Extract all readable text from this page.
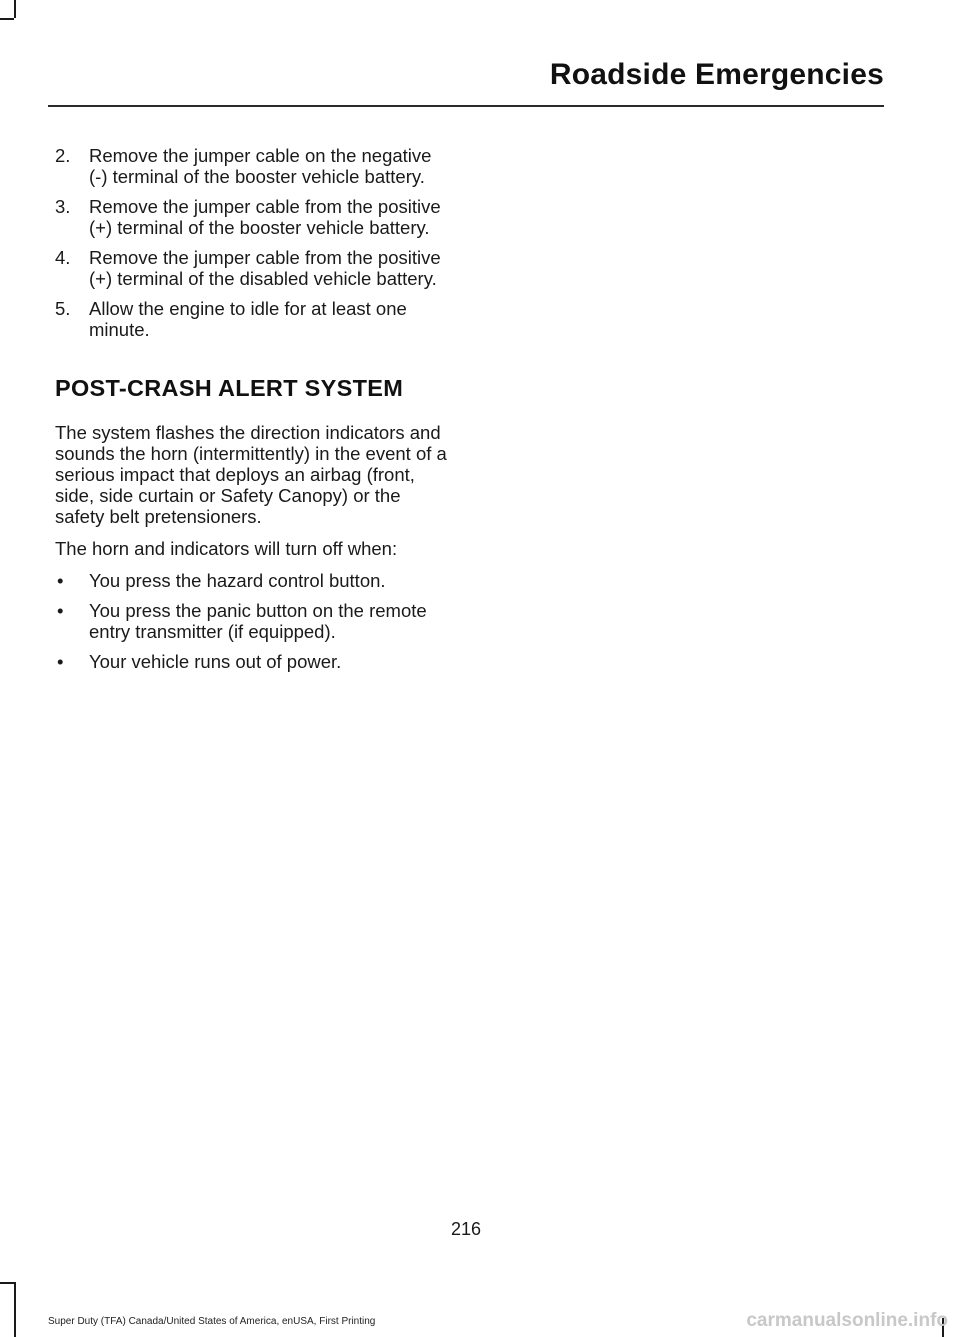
Roadside Emergencies
2. Remove the jumper cable on the negative (-) terminal of the booster vehicle battery.
3. Remove the jumper cable from the positive (+) terminal of the booster vehicle battery.
4. Remove the jumper cable from the positive (+) terminal of the disabled vehicle battery.
5. Allow the engine to idle for at least one minute.
POST-CRASH ALERT SYSTEM

The system flashes the direction indicators and sounds the horn (intermittently) in the event of a serious impact that deploys an airbag (front, side, side curtain or Safety Canopy) or the safety belt pretensioners.

The horn and indicators will turn off when:

• You press the hazard control button.
• You press the panic button on the remote entry transmitter (if equipped).
• Your vehicle runs out of power.
216
Super Duty (TFA) Canada/United States of America, enUSA, First Printing	carmanualsonline.info
